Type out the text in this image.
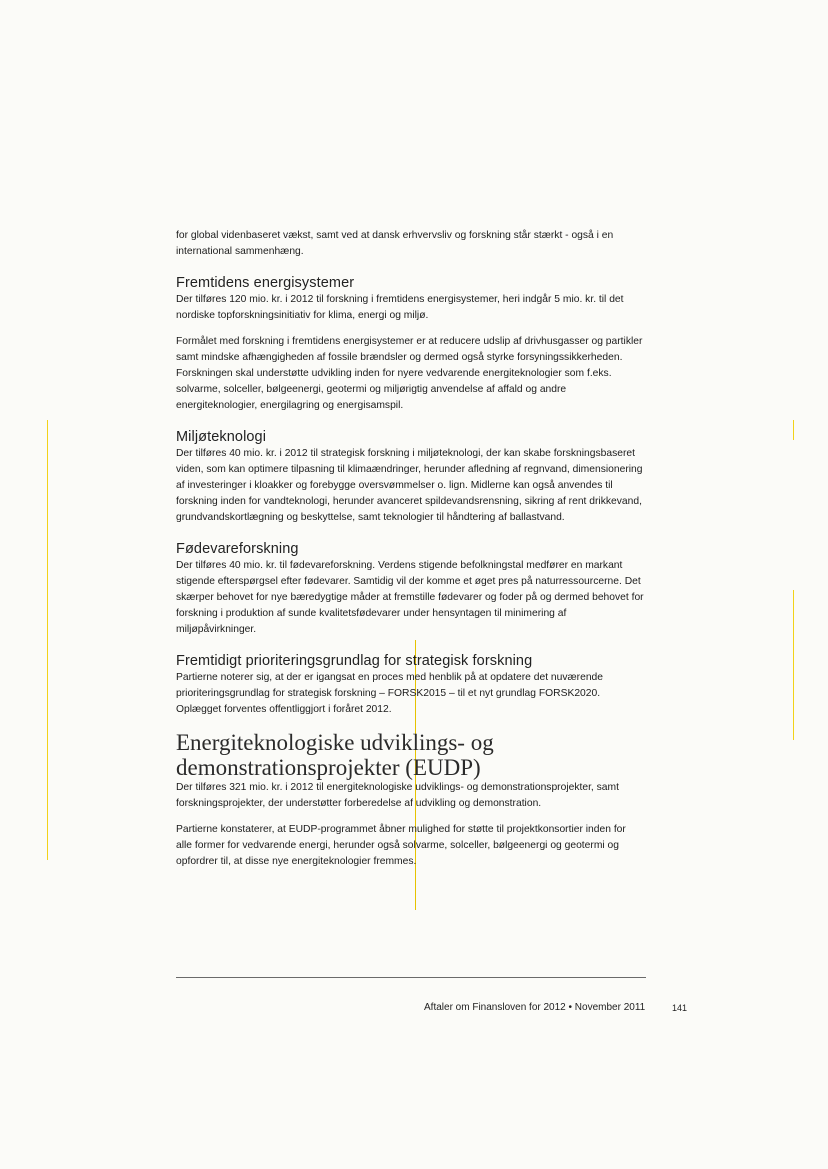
for global videnbaseret vækst, samt ved at dansk erhvervsliv og forskning står stærkt - også i en international sammenhæng.

Fremtidens energisystemer

Der tilføres 120 mio. kr. i 2012 til forskning i fremtidens energisystemer, heri indgår 5 mio. kr. til det nordiske topforskningsinitiativ for klima, energi og miljø.

Formålet med forskning i fremtidens energisystemer er at reducere udslip af drivhusgasser og partikler samt mindske afhængigheden af fossile brændsler og dermed også styrke forsyningssikkerheden. Forskningen skal understøtte udvikling inden for nyere vedvarende energiteknologier som f.eks. solvarme, solceller, bølgeenergi, geotermi og miljørigtig anvendelse af affald og andre energiteknologier, energilagring og energisamspil.

Miljøteknologi

Der tilføres 40 mio. kr. i 2012 til strategisk forskning i miljøteknologi, der kan skabe forskningsbaseret viden, som kan optimere tilpasning til klimaændringer, herunder afledning af regnvand, dimensionering af investeringer i kloakker og forebygge oversvømmelser o. lign. Midlerne kan også anvendes til forskning inden for vandteknologi, herunder avanceret spildevandsrensning, sikring af rent drikkevand, grundvandskortlægning og beskyttelse, samt teknologier til håndtering af ballastvand.

Fødevareforskning

Der tilføres 40 mio. kr. til fødevareforskning. Verdens stigende befolkningstal medfører en markant stigende efterspørgsel efter fødevarer. Samtidig vil der komme et øget pres på naturressourcerne. Det skærper behovet for nye bæredygtige måder at fremstille fødevarer og foder på og dermed behovet for forskning i produktion af sunde kvalitetsfødevarer under hensyntagen til minimering af miljøpåvirkninger.

Fremtidigt prioriteringsgrundlag for strategisk forskning

Partierne noterer sig, at der er igangsat en proces med henblik på at opdatere det nuværende prioriteringsgrundlag for strategisk forskning – FORSK2015 – til et nyt grundlag FORSK2020. Oplægget forventes offentliggjort i foråret 2012.

Energiteknologiske udviklings- og demonstrationsprojekter (EUDP)

Der tilføres 321 mio. kr. i 2012 til energiteknologiske udviklings- og demonstrationsprojekter, samt forskningsprojekter, der understøtter forberedelse af udvikling og demonstration.

Partierne konstaterer, at EUDP-programmet åbner mulighed for støtte til projektkonsortier inden for alle former for vedvarende energi, herunder også solvarme, solceller, bølgeenergi og geotermi og opfordrer til, at disse nye energiteknologier fremmes.

Aftaler om Finansloven for 2012 • November 2011	141
